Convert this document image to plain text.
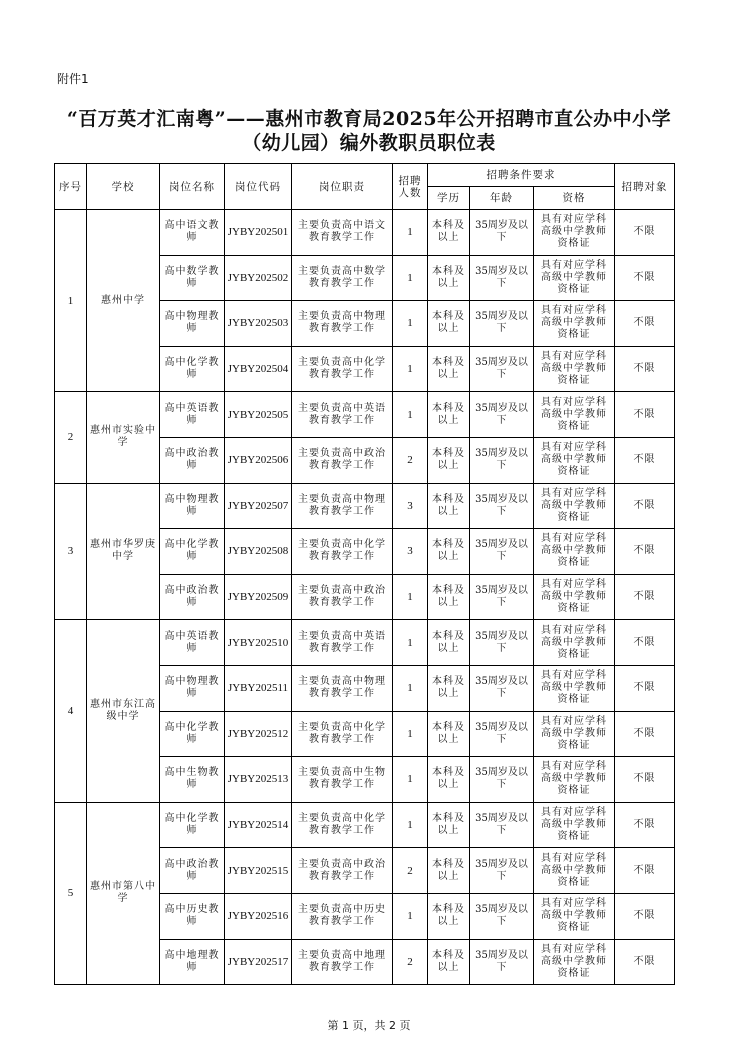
附件1
“百万英才汇南粤”——惠州市教育局2025年公开招聘市直公办中小学
（幼儿园）编外教职员职位表
序号	学校	岗位名称	岗位代码	岗位职责	招聘人数	招聘条件要求			招聘对象
						学历	年龄	资格	
1	惠州中学	高中语文教师	JYBY202501	主要负责高中语文教育教学工作	1	本科及以上	35周岁及以下	具有对应学科高级中学教师资格证	不限
		高中数学教师	JYBY202502	主要负责高中数学教育教学工作	1	本科及以上	35周岁及以下	具有对应学科高级中学教师资格证	不限
		高中物理教师	JYBY202503	主要负责高中物理教育教学工作	1	本科及以上	35周岁及以下	具有对应学科高级中学教师资格证	不限
		高中化学教师	JYBY202504	主要负责高中化学教育教学工作	1	本科及以上	35周岁及以下	具有对应学科高级中学教师资格证	不限
2	惠州市实验中学	高中英语教师	JYBY202505	主要负责高中英语教育教学工作	1	本科及以上	35周岁及以下	具有对应学科高级中学教师资格证	不限
		高中政治教师	JYBY202506	主要负责高中政治教育教学工作	2	本科及以上	35周岁及以下	具有对应学科高级中学教师资格证	不限
3	惠州市华罗庚中学	高中物理教师	JYBY202507	主要负责高中物理教育教学工作	3	本科及以上	35周岁及以下	具有对应学科高级中学教师资格证	不限
		高中化学教师	JYBY202508	主要负责高中化学教育教学工作	3	本科及以上	35周岁及以下	具有对应学科高级中学教师资格证	不限
		高中政治教师	JYBY202509	主要负责高中政治教育教学工作	1	本科及以上	35周岁及以下	具有对应学科高级中学教师资格证	不限
4	惠州市东江高级中学	高中英语教师	JYBY202510	主要负责高中英语教育教学工作	1	本科及以上	35周岁及以下	具有对应学科高级中学教师资格证	不限
		高中物理教师	JYBY202511	主要负责高中物理教育教学工作	1	本科及以上	35周岁及以下	具有对应学科高级中学教师资格证	不限
		高中化学教师	JYBY202512	主要负责高中化学教育教学工作	1	本科及以上	35周岁及以下	具有对应学科高级中学教师资格证	不限
		高中生物教师	JYBY202513	主要负责高中生物教育教学工作	1	本科及以上	35周岁及以下	具有对应学科高级中学教师资格证	不限
5	惠州市第八中学	高中化学教师	JYBY202514	主要负责高中化学教育教学工作	1	本科及以上	35周岁及以下	具有对应学科高级中学教师资格证	不限
		高中政治教师	JYBY202515	主要负责高中政治教育教学工作	2	本科及以上	35周岁及以下	具有对应学科高级中学教师资格证	不限
		高中历史教师	JYBY202516	主要负责高中历史教育教学工作	1	本科及以上	35周岁及以下	具有对应学科高级中学教师资格证	不限
		高中地理教师	JYBY202517	主要负责高中地理教育教学工作	2	本科及以上	35周岁及以下	具有对应学科高级中学教师资格证	不限
第 1 页，共 2 页
